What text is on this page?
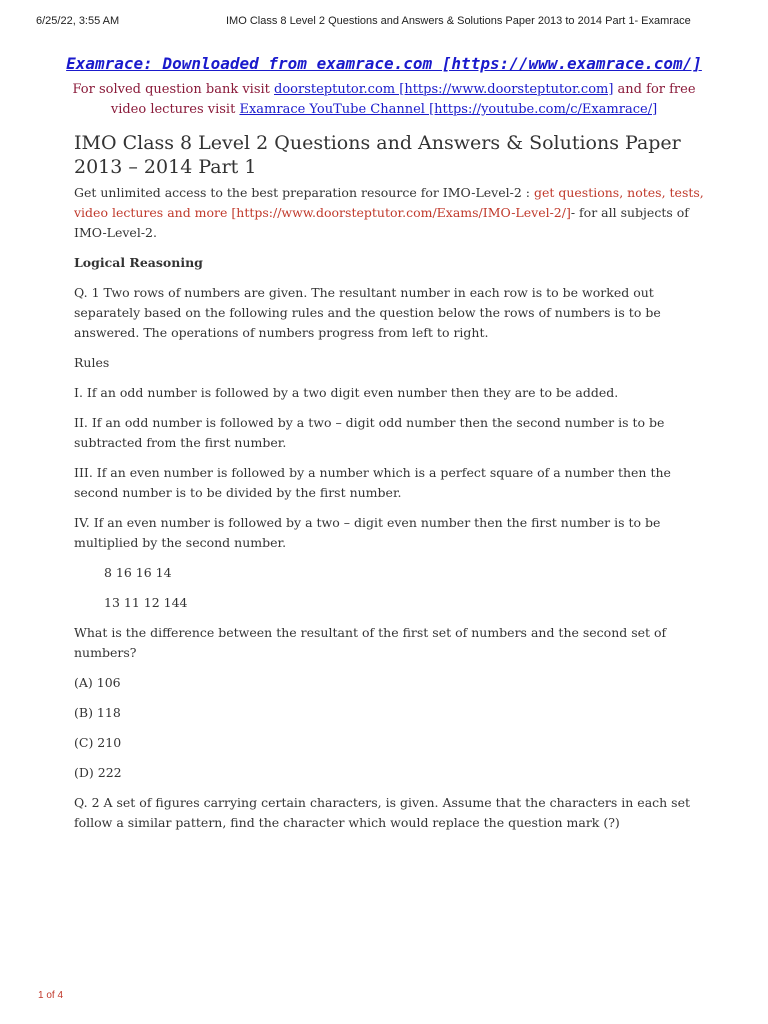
6/25/22, 3:55 AM	IMO Class 8 Level 2 Questions and Answers & Solutions Paper 2013 to 2014 Part 1- Examrace
Examrace: Downloaded from examrace.com [https://www.examrace.com/]
For solved question bank visit doorsteptutor.com [https://www.doorsteptutor.com] and for free video lectures visit Examrace YouTube Channel [https://youtube.com/c/Examrace/]
IMO Class 8 Level 2 Questions and Answers & Solutions Paper 2013 – 2014 Part 1

Get unlimited access to the best preparation resource for IMO-Level-2 : get questions, notes, tests, video lectures and more [https://www.doorsteptutor.com/Exams/IMO-Level-2/]- for all subjects of IMO-Level-2.

Logical Reasoning

Q. 1 Two rows of numbers are given. The resultant number in each row is to be worked out separately based on the following rules and the question below the rows of numbers is to be answered. The operations of numbers progress from left to right.

Rules

I. If an odd number is followed by a two digit even number then they are to be added.

II. If an odd number is followed by a two – digit odd number then the second number is to be subtracted from the first number.

III. If an even number is followed by a number which is a perfect square of a number then the second number is to be divided by the first number.

IV. If an even number is followed by a two – digit even number then the first number is to be multiplied by the second number.

8 16 16 14

13 11 12 144

What is the difference between the resultant of the first set of numbers and the second set of numbers?

(A) 106

(B) 118

(C) 210

(D) 222

Q. 2 A set of figures carrying certain characters, is given. Assume that the characters in each set follow a similar pattern, find the character which would replace the question mark (?)

1 of 4
